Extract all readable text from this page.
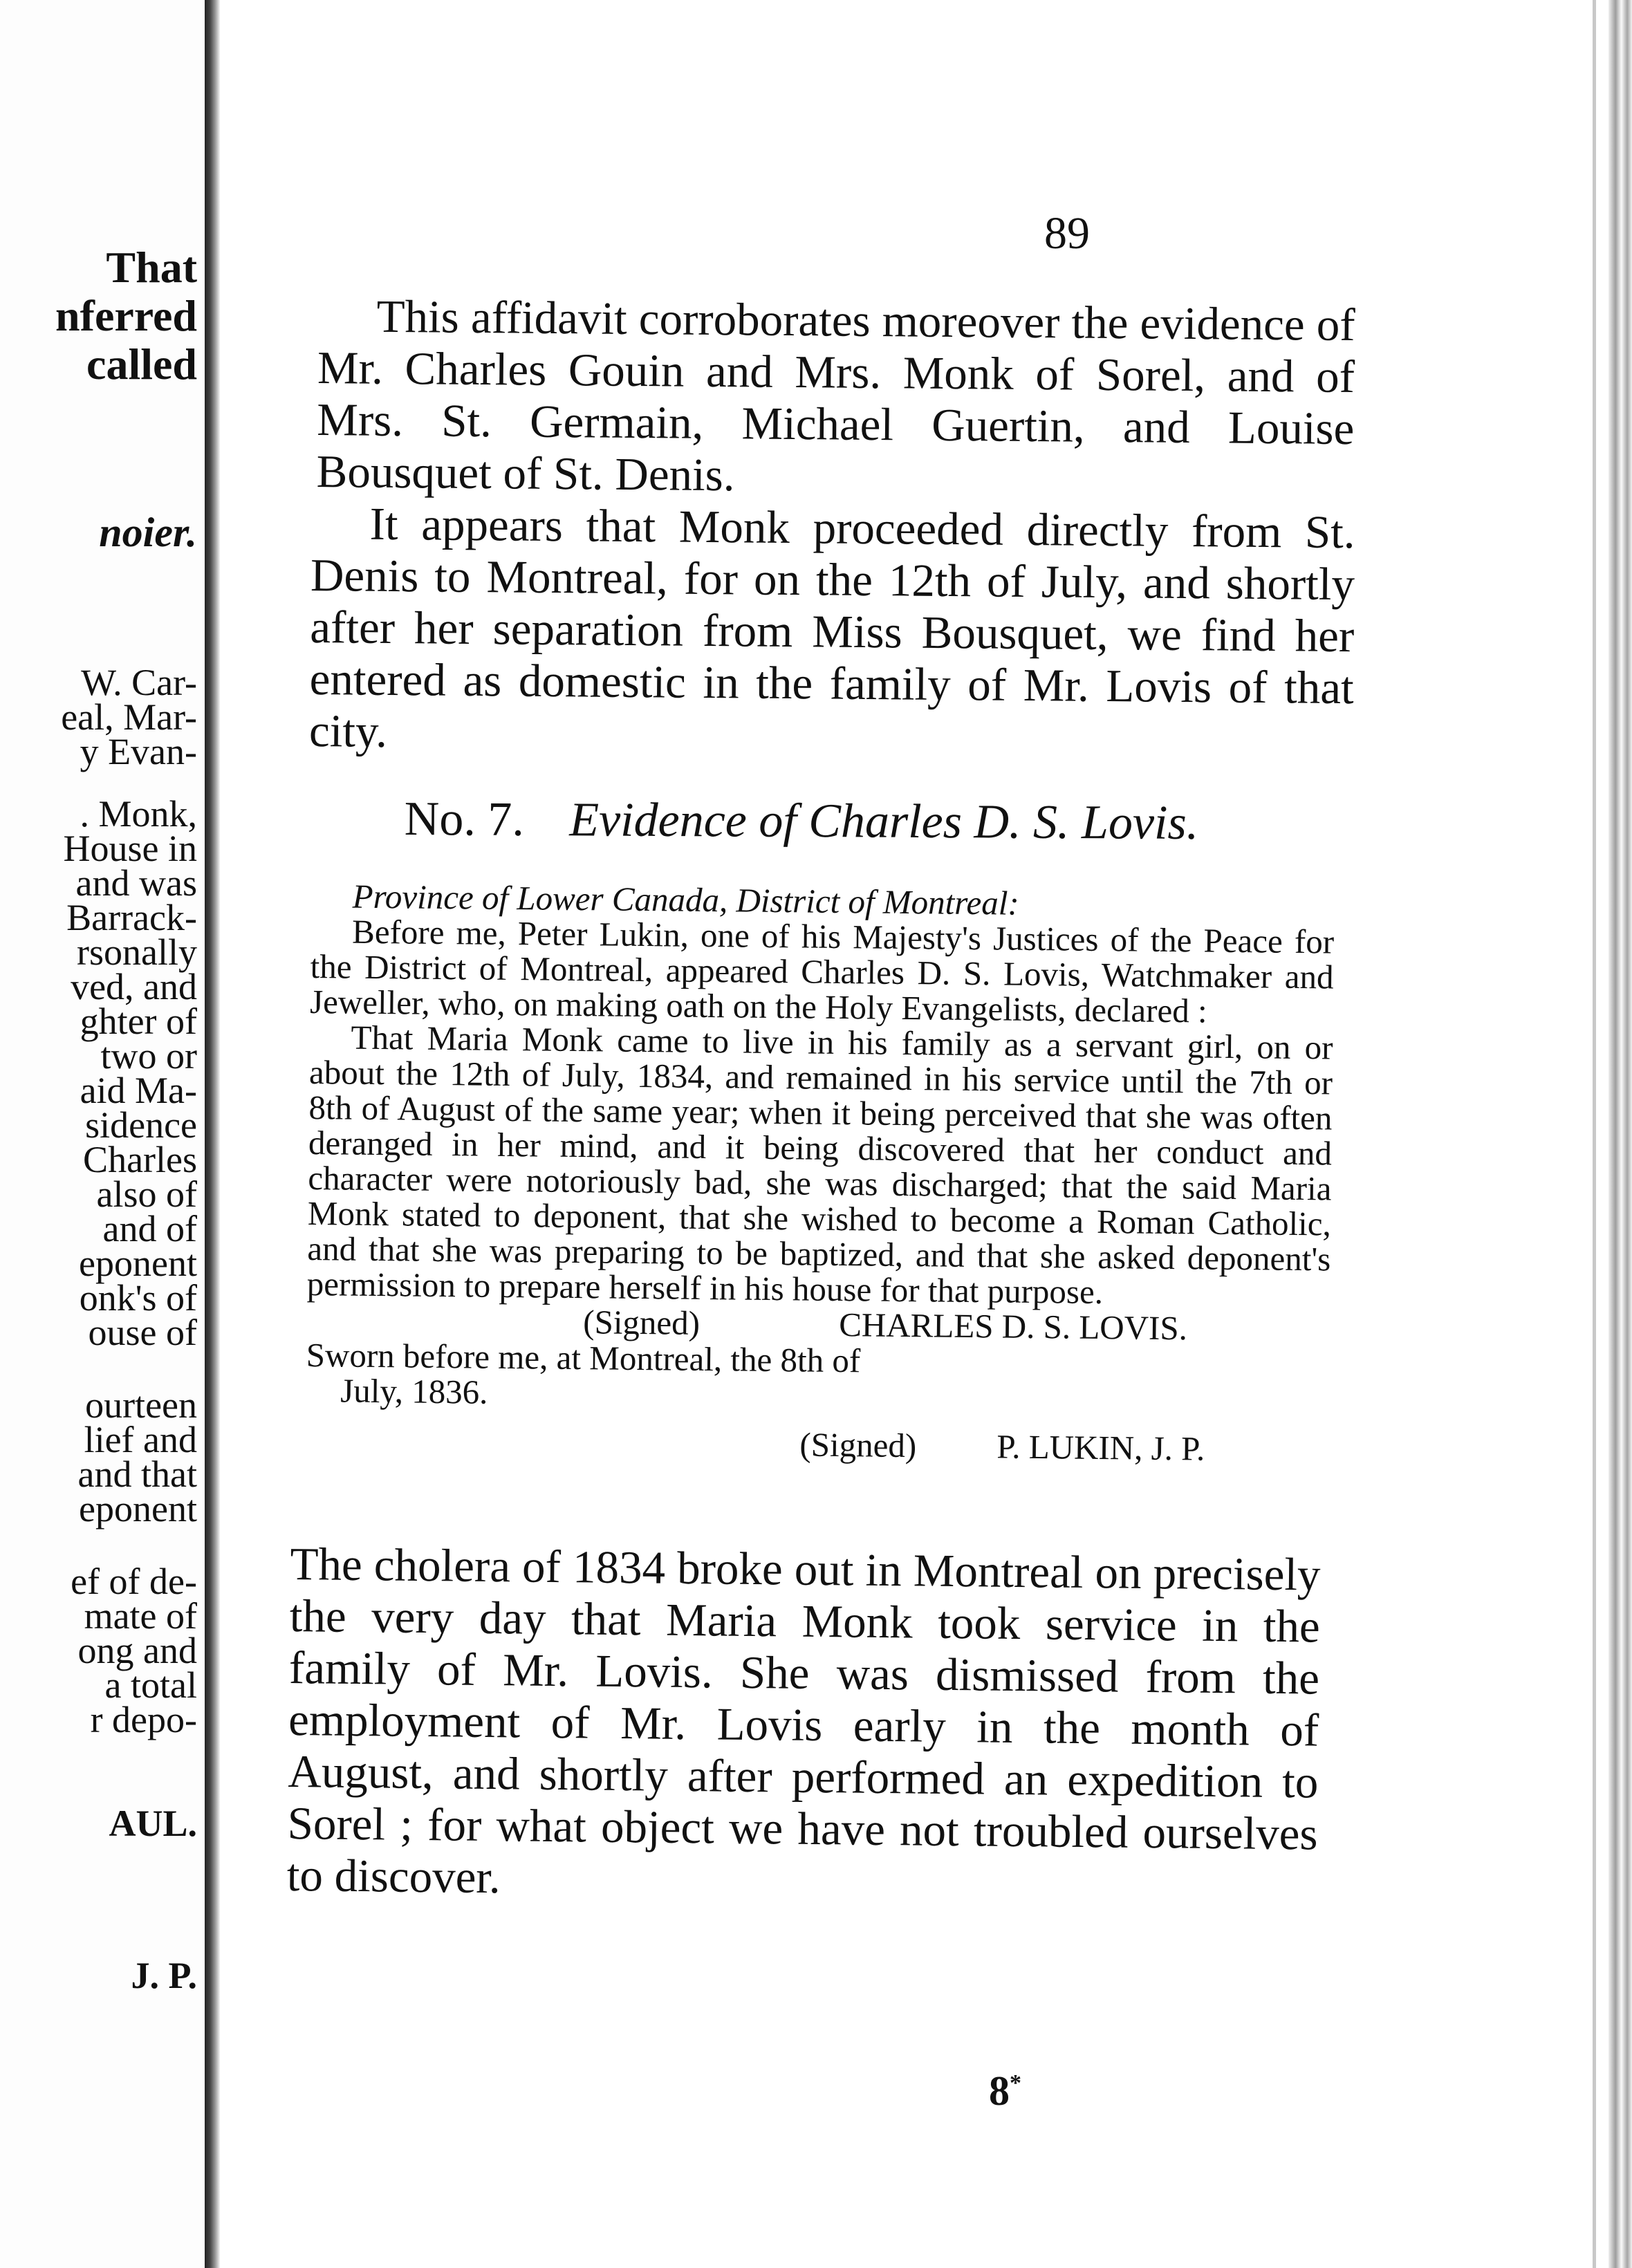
That

nferred

called

noier.

W. Car-

eal, Mar-

y Evan-

. Monk,

House in

and was

Barrack-

rsonally

ved, and

ghter of

two or

aid Ma-

sidence

Charles

also of

and of

eponent

onk's of

ouse of

ourteen

lief and

and that

eponent

ef of de-

mate of

ong and

a total

r depo-

AUL.

J. P.

89

This affidavit corroborates moreover the evidence of Mr. Charles Gouin and Mrs. Monk of Sorel, and of Mrs. St. Germain, Michael Guertin, and Louise Bousquet of St. Denis.

It appears that Monk proceeded directly from St. Denis to Montreal, for on the 12th of July, and shortly after her separation from Miss Bousquet, we find her entered as domestic in the family of Mr. Lovis of that city.

No. 7. Evidence of Charles D. S. Lovis.

Province of Lower Canada, District of Montreal:

Before me, Peter Lukin, one of his Majesty's Justices of the Peace for the District of Montreal, appeared Charles D. S. Lovis, Watchmaker and Jeweller, who, on making oath on the Holy Evangelists, declared :

That Maria Monk came to live in his family as a servant girl, on or about the 12th of July, 1834, and remained in his service until the 7th or 8th of August of the same year; when it being perceived that she was often deranged in her mind, and it being discovered that her conduct and character were notoriously bad, she was discharged; that the said Maria Monk stated to deponent, that she wished to become a Roman Catholic, and that she was preparing to be baptized, and that she asked deponent's permission to prepare herself in his house for that purpose.

(Signed)	CHARLES D. S. LOVIS.

Sworn before me, at Montreal, the 8th of

July, 1836.

(Signed) P. LUKIN, J. P.

The cholera of 1834 broke out in Montreal on precisely the very day that Maria Monk took service in the family of Mr. Lovis. She was dismissed from the employment of Mr. Lovis early in the month of August, and shortly after performed an expedition to Sorel ; for what object we have not troubled ourselves to discover.

8*
